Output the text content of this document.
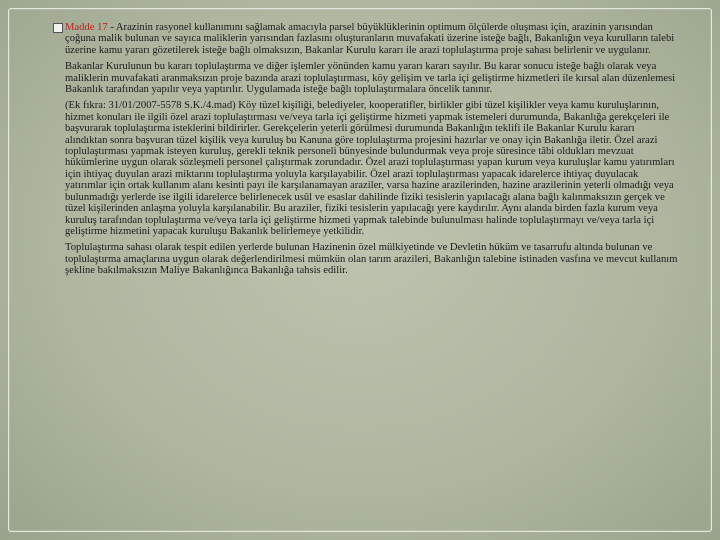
Madde 17 - Arazinin rasyonel kullanımını sağlamak amacıyla parsel büyüklüklerinin optimum ölçülerde oluşması için, arazinin yarısından çoğuna malik bulunan ve sayıca maliklerin yarısından fazlasını oluşturanların muvafakati üzerine isteğe bağlı, Bakanlığın veya kurulların talebi üzerine kamu yararı gözetilerek isteğe bağlı olmaksızın, Bakanlar Kurulu kararı ile arazi toplulaştırma proje sahası belirlenir ve uygulanır.

Bakanlar Kurulunun bu kararı toplulaştırma ve diğer işlemler yönünden kamu yararı kararı sayılır. Bu karar sonucu isteğe bağlı olarak veya maliklerin muvafakati aranmaksızın proje bazında arazi toplulaştırması, köy gelişim ve tarla içi geliştirme hizmetleri ile kırsal alan düzenlemesi Bakanlık tarafından yapılır veya yaptırılır. Uygulamada isteğe bağlı toplulaştırmalara öncelik tanınır.

(Ek fıkra: 31/01/2007-5578 S.K./4.mad) Köy tüzel kişiliği, belediyeler, kooperatifler, birlikler gibi tüzel kişilikler veya kamu kuruluşlarının, hizmet konuları ile ilgili özel arazi toplulaştırması ve/veya tarla içi geliştirme hizmeti yapmak istemeleri durumunda, Bakanlığa gerekçeleri ile başvurarak toplulaştırma isteklerini bildirirler. Gerekçelerin yeterli görülmesi durumunda Bakanlığın teklifi ile Bakanlar Kurulu kararı alındıktan sonra başvuran tüzel kişilik veya kuruluş bu Kanuna göre toplulaştırma projesini hazırlar ve onay için Bakanlığa iletir. Özel arazi toplulaştırması yapmak isteyen kuruluş, gerekli teknik personeli bünyesinde bulundurmak veya proje süresince tâbi oldukları mevzuat hükümlerine uygun olarak sözleşmeli personel çalıştırmak zorundadır. Özel arazi toplulaştırması yapan kurum veya kuruluşlar kamu yatırımları için ihtiyaç duyulan arazi miktarını toplulaştırma yoluyla karşılayabilir. Özel arazi toplulaştırması yapacak idarelerce ihtiyaç duyulacak yatırımlar için ortak kullanım alanı kesinti payı ile karşılanamayan araziler, varsa hazine arazilerinden, hazine arazilerinin yeterli olmadığı veya bulunmadığı yerlerde ise ilgili idarelerce belirlenecek usûl ve esaslar dahilinde fiziki tesislerin yapılacağı alana bağlı kalınmaksızın gerçek ve tüzel kişilerinden anlaşma yoluyla karşılanabilir. Bu araziler, fiziki tesislerin yapılacağı yere kaydırılır. Aynı alanda birden fazla kurum veya kuruluş tarafından toplulaştırma ve/veya tarla içi geliştirme hizmeti yapmak talebinde bulunulması halinde toplulaştırmayı ve/veya tarla içi geliştirme hizmetini yapacak kuruluşu Bakanlık belirlemeye yetkilidir.

Toplulaştırma sahası olarak tespit edilen yerlerde bulunan Hazinenin özel mülkiyetinde ve Devletin hüküm ve tasarrufu altında bulunan ve toplulaştırma amaçlarına uygun olarak değerlendirilmesi mümkün olan tarım arazileri, Bakanlığın talebine istinaden vasfına ve mevcut kullanım şekline bakılmaksızın Maliye Bakanlığınca Bakanlığa tahsis edilir.
